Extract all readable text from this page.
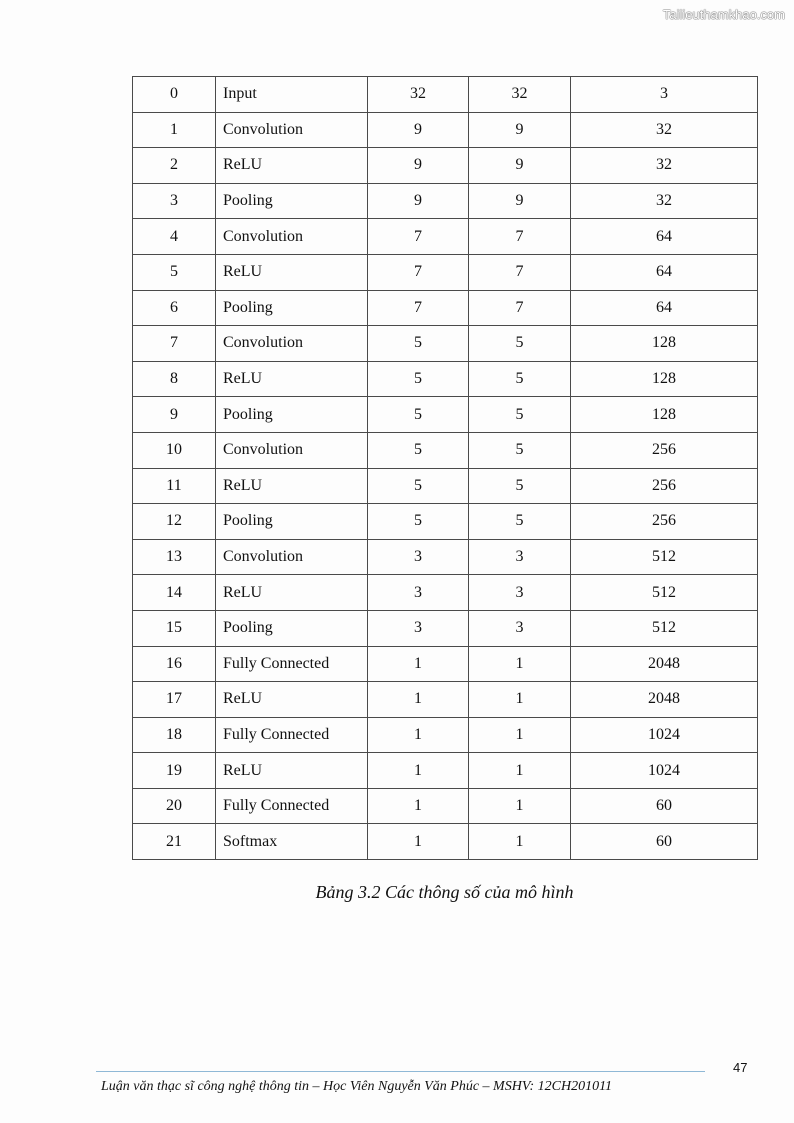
Tailieuthamkhao.com
0	Input	32	32	3
1	Convolution	9	9	32
2	ReLU	9	9	32
3	Pooling	9	9	32
4	Convolution	7	7	64
5	ReLU	7	7	64
6	Pooling	7	7	64
7	Convolution	5	5	128
8	ReLU	5	5	128
9	Pooling	5	5	128
10	Convolution	5	5	256
11	ReLU	5	5	256
12	Pooling	5	5	256
13	Convolution	3	3	512
14	ReLU	3	3	512
15	Pooling	3	3	512
16	Fully Connected	1	1	2048
17	ReLU	1	1	2048
18	Fully Connected	1	1	1024
19	ReLU	1	1	1024
20	Fully Connected	1	1	60
21	Softmax	1	1	60
Bảng 3.2 Các thông số của mô hình
47
Luận văn thạc sĩ công nghệ thông tin – Học Viên Nguyễn Văn Phúc – MSHV: 12CH201011
